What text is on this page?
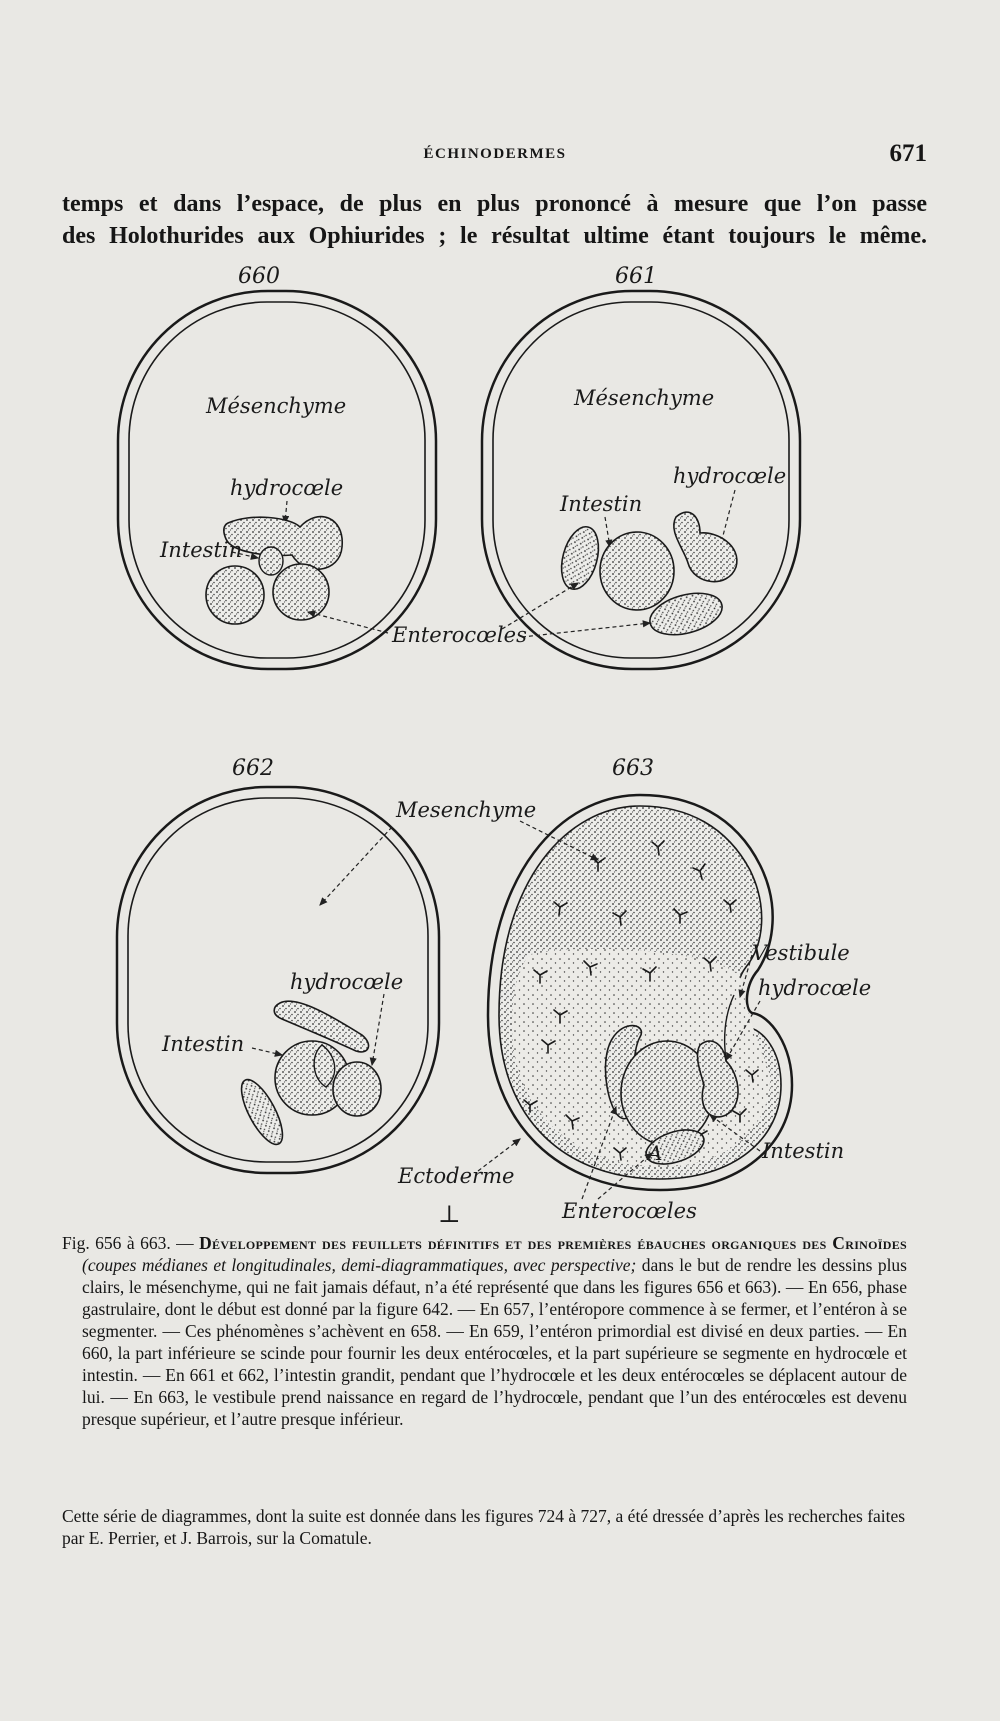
ÉCHINODERMES	671
temps et dans l’espace, de plus en plus prononcé à mesure que l’on passe
des Holothurides aux Ophiurides ; le résultat ultime étant toujours le même.
660
Mésenchyme
hydrocœle
Intestin
661
Mésenchyme
Intestin
hydrocœle
Enterocœles
662
hydrocœle
Intestin
663
Mesenchyme
Vestibule
hydrocœle
Intestin
A
Ectoderme
⊥	Enterocœles

Fig. 656 à 663. — Développement des feuillets définitifs et des premières ébauches organiques des Crinoïdes (coupes médianes et longitudinales, demi-diagrammatiques, avec perspective; dans le but de rendre les dessins plus clairs, le mésenchyme, qui ne fait jamais défaut, n’a été représenté que dans les figures 656 et 663). — En 656, phase gastrulaire, dont le début est donné par la figure 642. — En 657, l’entéropore commence à se fermer, et l’entéron à se segmenter. — Ces phénomènes s’achèvent en 658. — En 659, l’entéron primordial est divisé en deux parties. — En 660, la part inférieure se scinde pour fournir les deux entérocœles, et la part supérieure se segmente en hydrocœle et intestin. — En 661 et 662, l’intestin grandit, pendant que l’hydrocœle et les deux entérocœles se déplacent autour de lui. — En 663, le vestibule prend naissance en regard de l’hydrocœle, pendant que l’un des entérocœles est devenu presque supérieur, et l’autre presque inférieur.

Cette série de diagrammes, dont la suite est donnée dans les figures 724 à 727, a été dressée d’après les recherches faites par E. Perrier, et J. Barrois, sur la Comatule.
